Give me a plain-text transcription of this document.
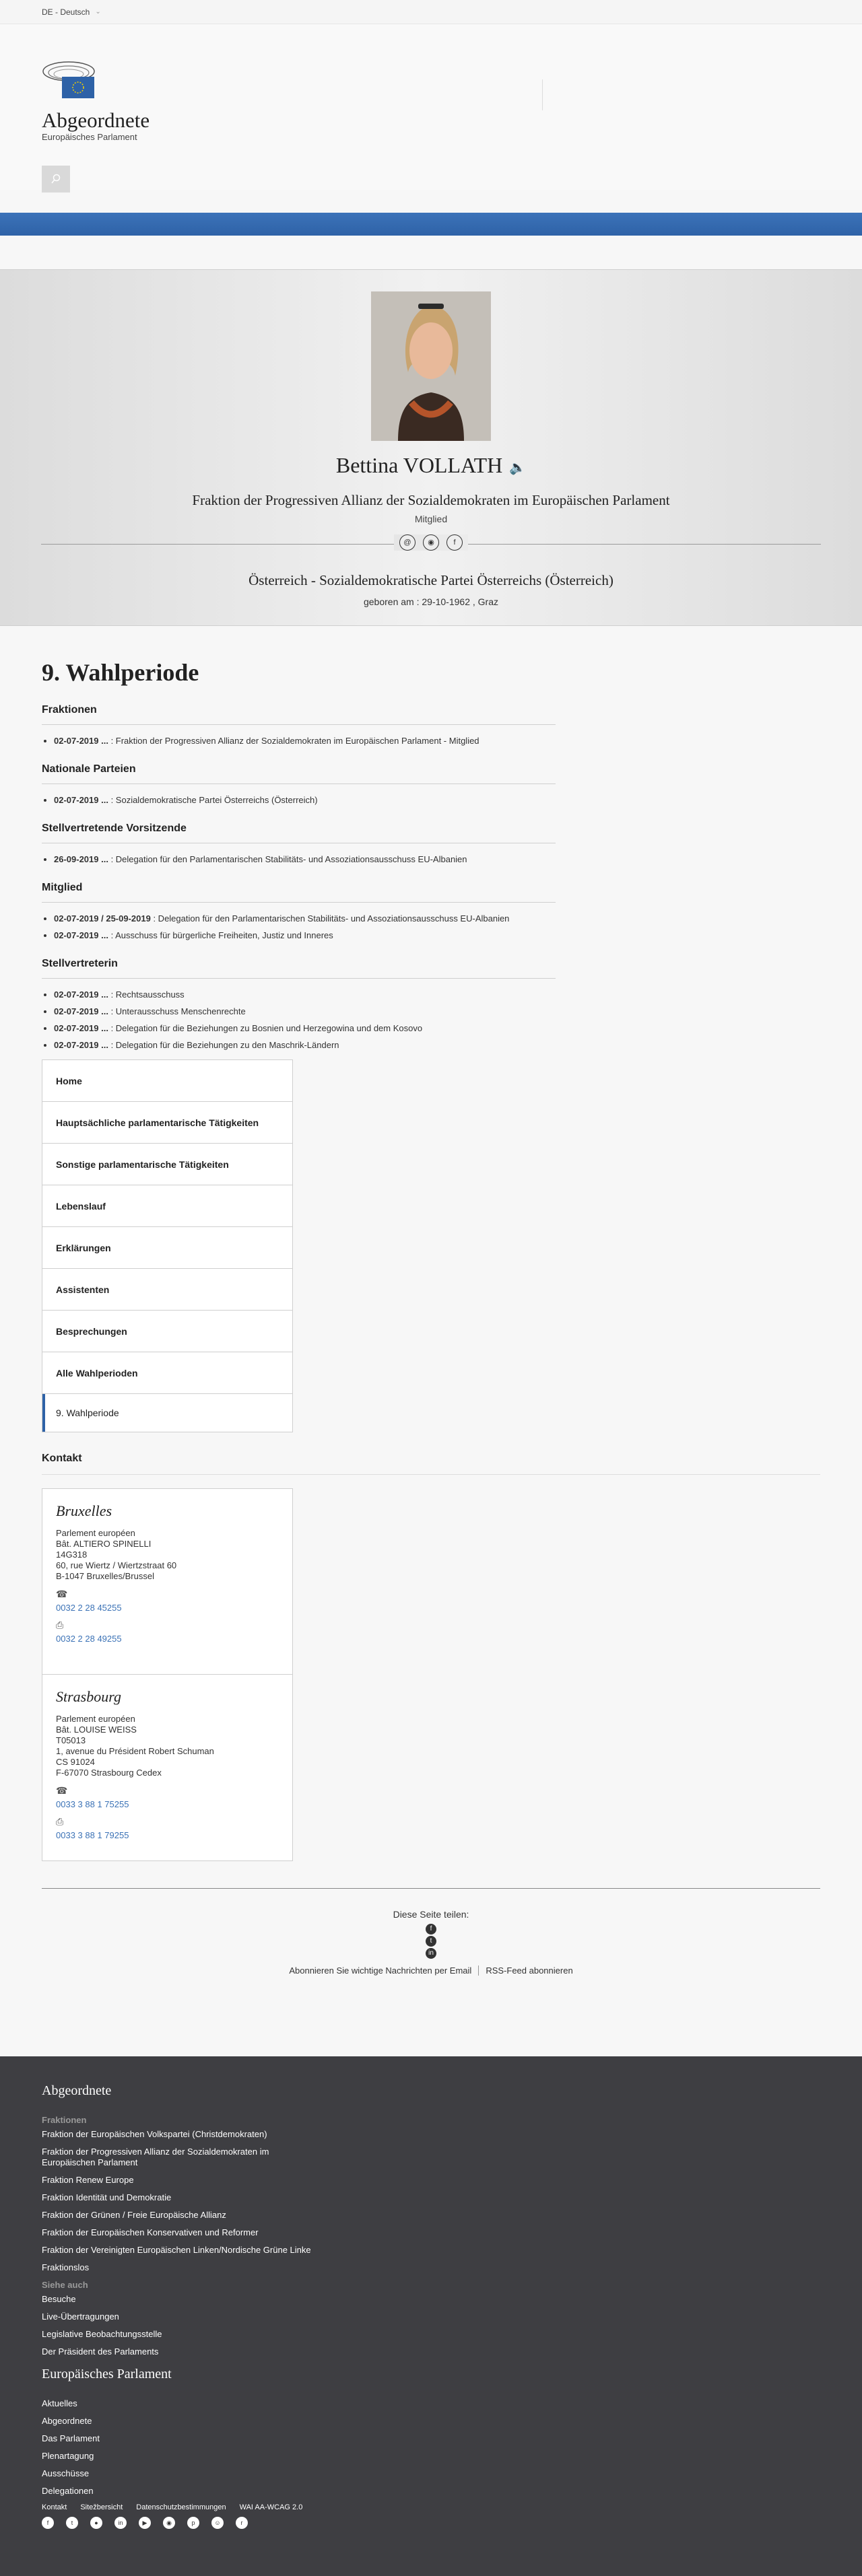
DE - Deutsch ⌄
Abgeordnete
Europäisches Parlament
Bettina VOLLATH 🔈
Fraktion der Progressiven Allianz der Sozialdemokraten im Europäischen Parlament
Mitglied
@	◉	f
Österreich - Sozialdemokratische Partei Österreichs (Österreich)
geboren am : 29-10-1962 , Graz
9. Wahlperiode
Fraktionen
• 02-07-2019 ... : Fraktion der Progressiven Allianz der Sozialdemokraten im Europäischen Parlament - Mitglied
Nationale Parteien
• 02-07-2019 ... : Sozialdemokratische Partei Österreichs (Österreich)
Stellvertretende Vorsitzende
• 26-09-2019 ... : Delegation für den Parlamentarischen Stabilitäts- und Assoziationsausschuss EU-Albanien
Mitglied
• 02-07-2019 / 25-09-2019 : Delegation für den Parlamentarischen Stabilitäts- und Assoziationsausschuss EU-Albanien
• 02-07-2019 ... : Ausschuss für bürgerliche Freiheiten, Justiz und Inneres
Stellvertreterin
• 02-07-2019 ... : Rechtsausschuss
• 02-07-2019 ... : Unterausschuss Menschenrechte
• 02-07-2019 ... : Delegation für die Beziehungen zu Bosnien und Herzegowina und dem Kosovo
• 02-07-2019 ... : Delegation für die Beziehungen zu den Maschrik-Ländern
Home
Hauptsächliche parlamentarische Tätigkeiten
Sonstige parlamentarische Tätigkeiten
Lebenslauf
Erklärungen
Assistenten
Besprechungen
Alle Wahlperioden
9. Wahlperiode
Kontakt
Bruxelles

Parlement européen

Bât. ALTIERO SPINELLI

14G318

60, rue Wiertz / Wiertzstraat 60

B-1047 Bruxelles/Brussel

☎
0032 2 28 45255
⎙
0032 2 28 49255
Strasbourg

Parlement européen

Bât. LOUISE WEISS

T05013

1, avenue du Président Robert Schuman

CS 91024

F-67070 Strasbourg Cedex

☎
0033 3 88 1 75255
⎙
0033 3 88 1 79255
Diese Seite teilen:
f
t
in
Abonnieren Sie wichtige Nachrichten per Email	RSS-Feed abonnieren
Abgeordnete
Fraktionen
Fraktion der Europäischen Volkspartei (Christdemokraten)
Fraktion der Progressiven Allianz der Sozialdemokraten im Europäischen Parlament
Fraktion Renew Europe
Fraktion Identität und Demokratie
Fraktion der Grünen / Freie Europäische Allianz
Fraktion der Europäischen Konservativen und Reformer
Fraktion der Vereinigten Europäischen Linken/Nordische Grüne Linke
Fraktionslos
Siehe auch
Besuche
Live-Übertragungen
Legislative Beobachtungsstelle
Der Präsident des Parlaments
Europäisches Parlament
Aktuelles
Abgeordnete
Das Parlament
Plenartagung
Ausschüsse
Delegationen
Kontakt Sitežbersicht Datenschutzbestimmungen WAI AA-WCAG 2.0
f	t	●	in	▶	◉	p	☺	r
